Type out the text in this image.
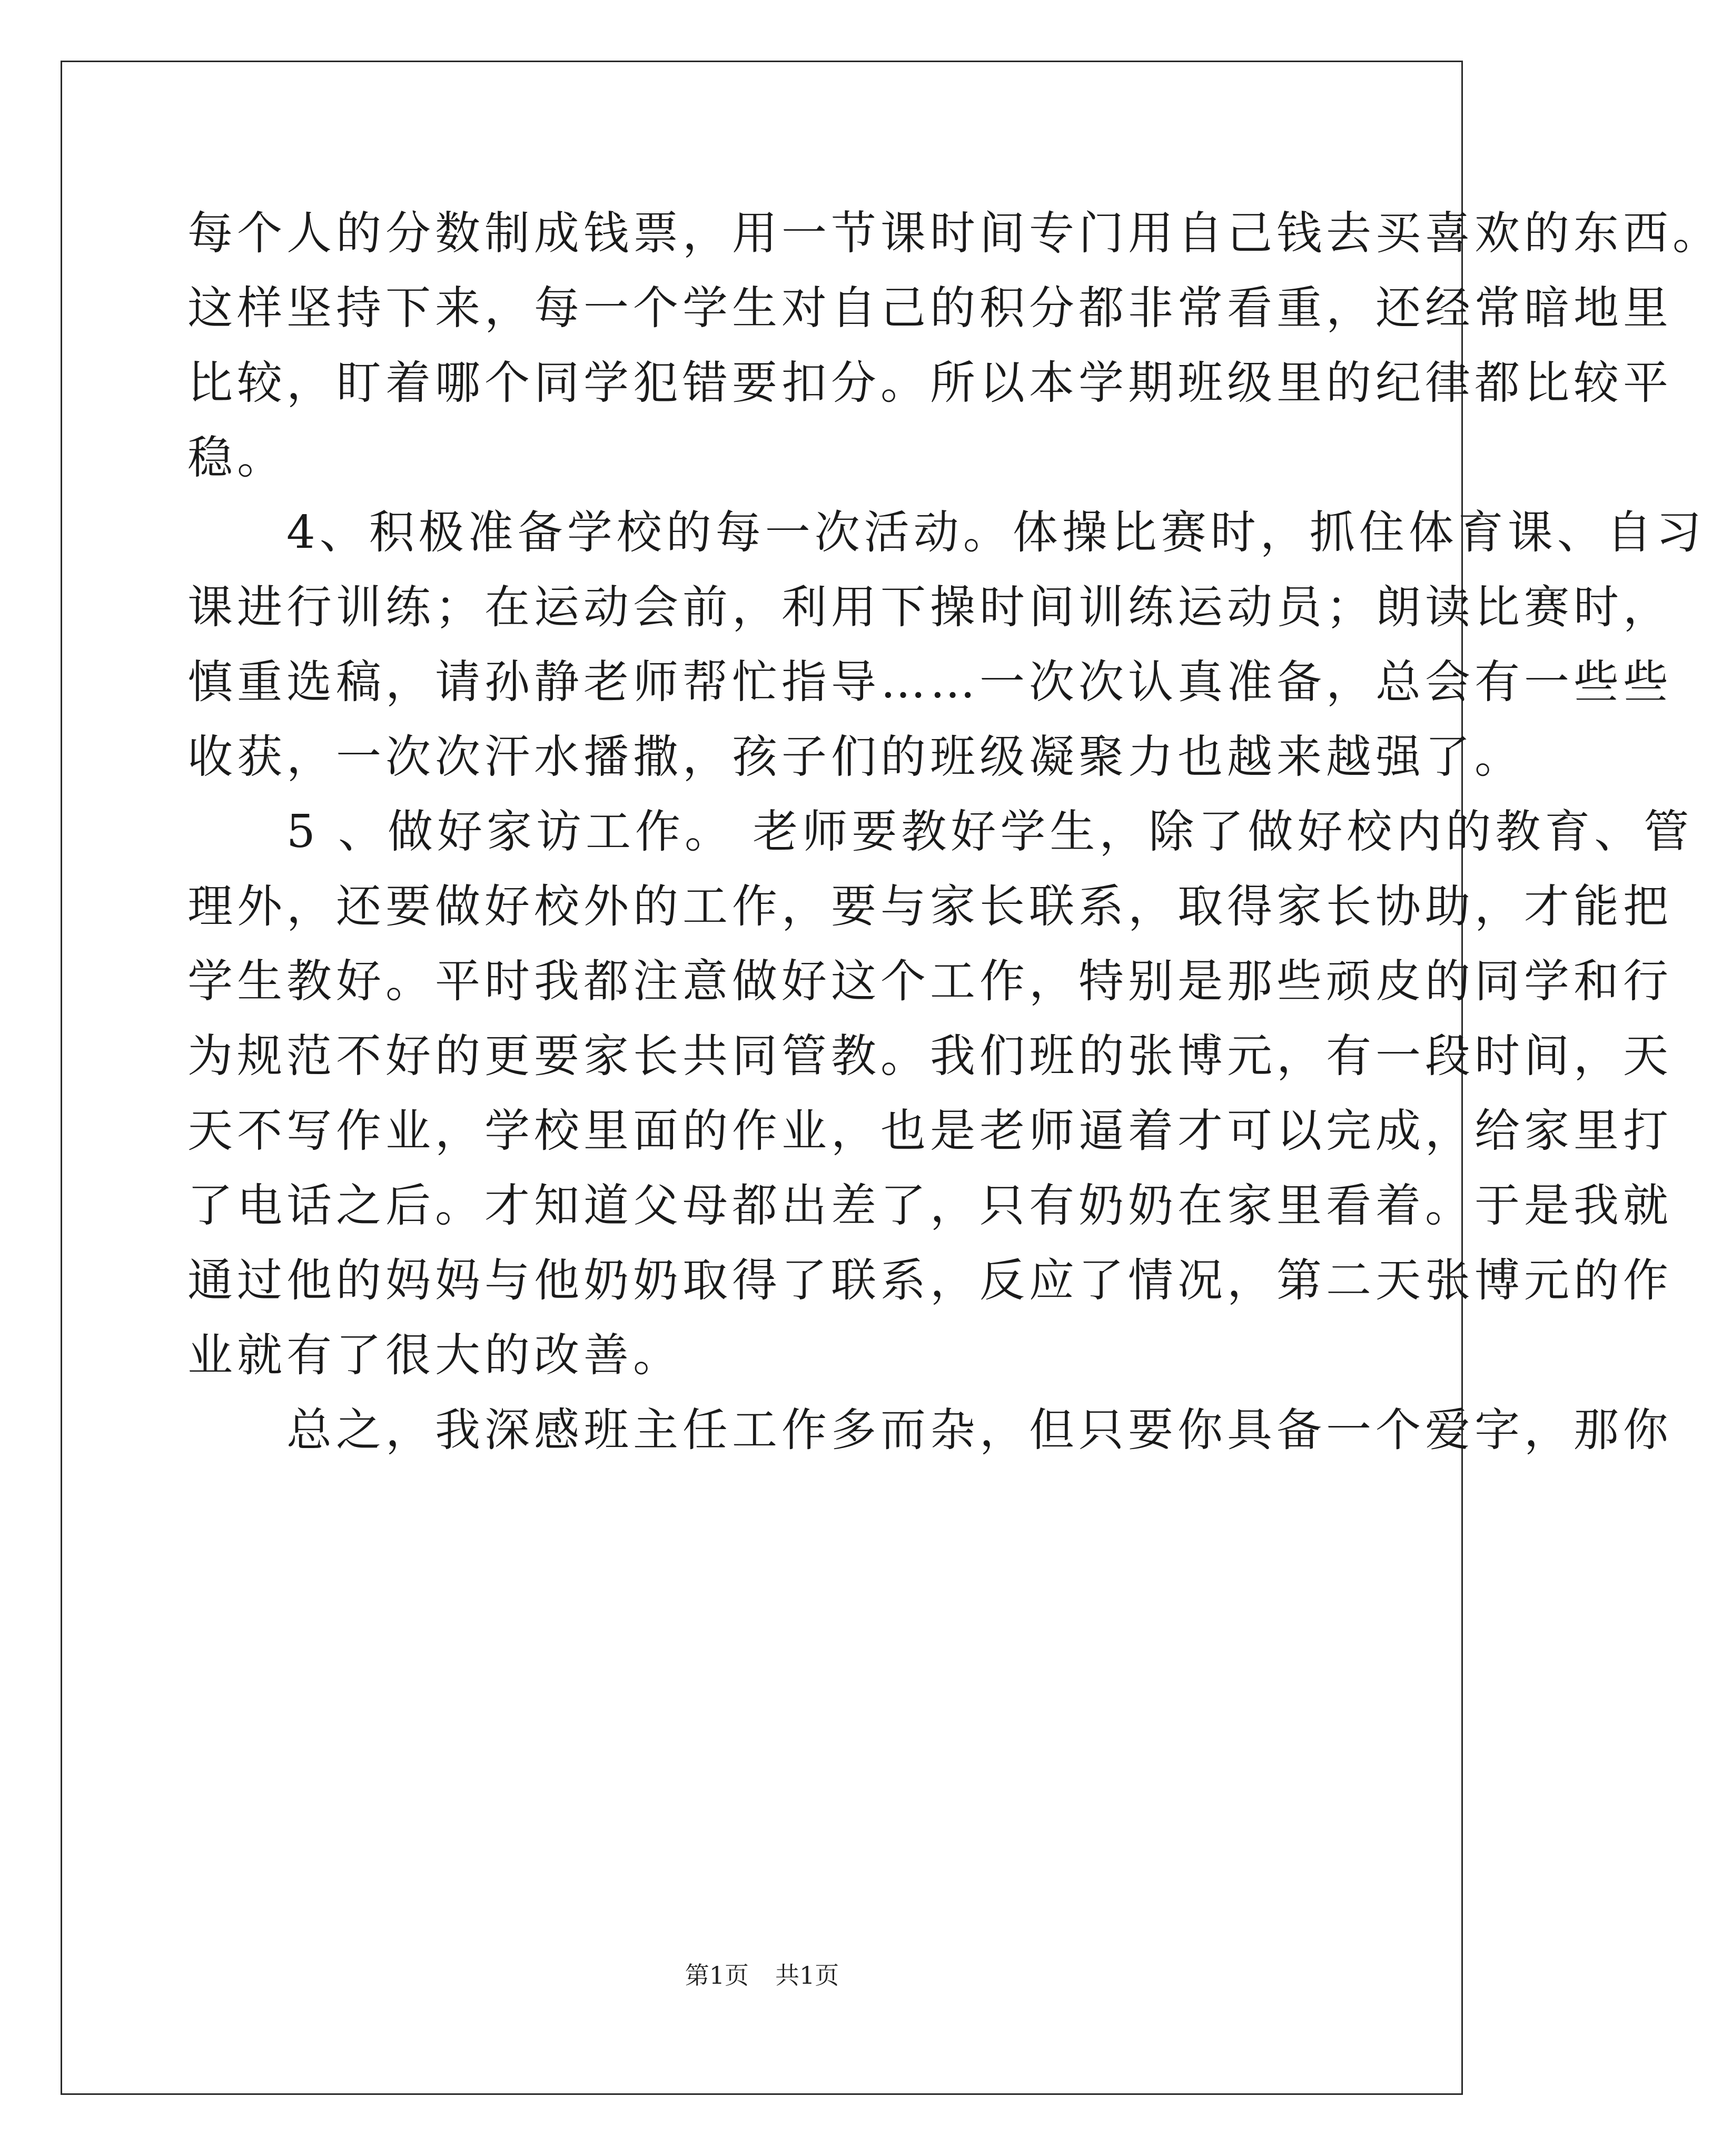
每个人的分数制成钱票，用一节课时间专门用自己钱去买喜欢的东西。
这样坚持下来，每一个学生对自己的积分都非常看重，还经常暗地里
比较，盯着哪个同学犯错要扣分。所以本学期班级里的纪律都比较平
稳。
　　4、积极准备学校的每一次活动。体操比赛时，抓住体育课、自习
课进行训练；在运动会前，利用下操时间训练运动员；朗读比赛时，
慎重选稿，请孙静老师帮忙指导……一次次认真准备，总会有一些些
收获，一次次汗水播撒，孩子们的班级凝聚力也越来越强了。
　　5 、做好家访工作。 老师要教好学生，除了做好校内的教育、管
理外，还要做好校外的工作，要与家长联系，取得家长协助，才能把
学生教好。平时我都注意做好这个工作，特别是那些顽皮的同学和行
为规范不好的更要家长共同管教。我们班的张博元，有一段时间，天
天不写作业，学校里面的作业，也是老师逼着才可以完成，给家里打
了电话之后。才知道父母都出差了，只有奶奶在家里看着。于是我就
通过他的妈妈与他奶奶取得了联系，反应了情况，第二天张博元的作
业就有了很大的改善。
　　总之，我深感班主任工作多而杂，但只要你具备一个爱字，那你
第1页 共1页
